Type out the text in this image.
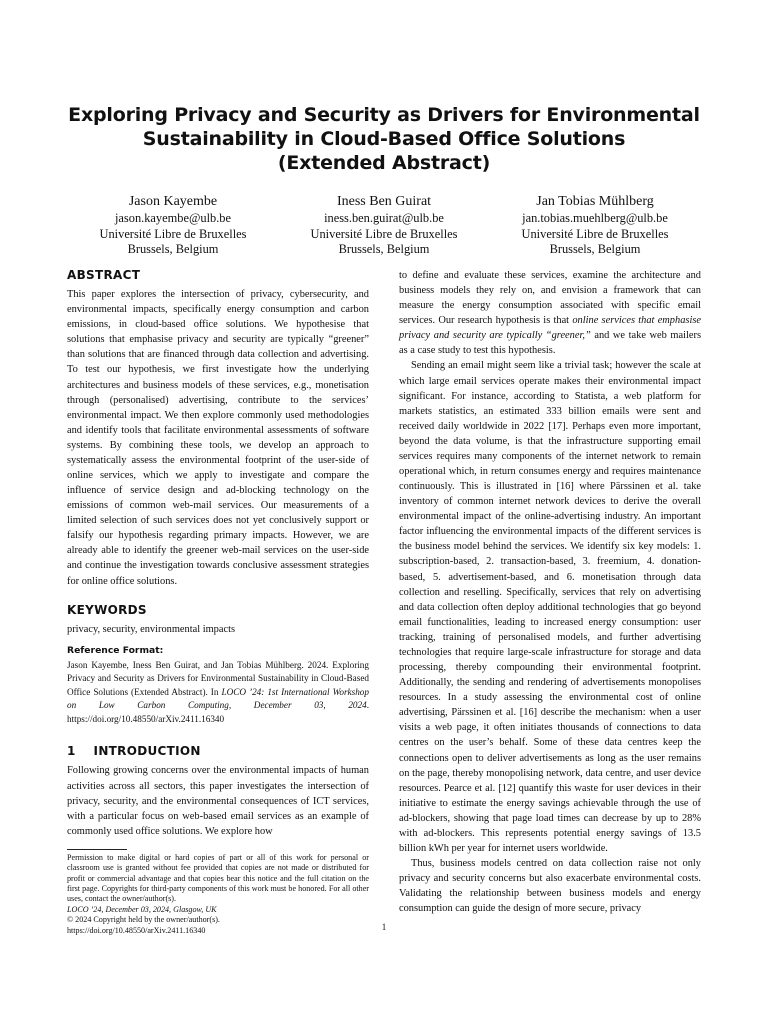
Exploring Privacy and Security as Drivers for Environmental
Sustainability in Cloud-Based Office Solutions
(Extended Abstract)
Jason Kayembe
jason.kayembe@ulb.be
Université Libre de Bruxelles
Brussels, Belgium
Iness Ben Guirat
iness.ben.guirat@ulb.be
Université Libre de Bruxelles
Brussels, Belgium
Jan Tobias Mühlberg
jan.tobias.muehlberg@ulb.be
Université Libre de Bruxelles
Brussels, Belgium
ABSTRACT

This paper explores the intersection of privacy, cybersecurity, and environmental impacts, specifically energy consumption and carbon emissions, in cloud-based office solutions. We hypothesise that solutions that emphasise privacy and security are typically “greener” than solutions that are financed through data collection and advertising. To test our hypothesis, we first investigate how the underlying architectures and business models of these services, e.g., monetisation through (personalised) advertising, contribute to the services’ environmental impact. We then explore commonly used methodologies and identify tools that facilitate environmental assessments of software systems. By combining these tools, we develop an approach to systematically assess the environmental footprint of the user-side of online services, which we apply to investigate and compare the influence of service design and ad-blocking technology on the emissions of common web-mail services. Our measurements of a limited selection of such services does not yet conclusively support or falsify our hypothesis regarding primary impacts. However, we are already able to identify the greener web-mail services on the user-side and continue the investigation towards conclusive assessment strategies for online office solutions.

KEYWORDS

privacy, security, environmental impacts

Reference Format:
Jason Kayembe, Iness Ben Guirat, and Jan Tobias Mühlberg. 2024. Exploring Privacy and Security as Drivers for Environmental Sustainability in Cloud-Based Office Solutions (Extended Abstract). In LOCO ’24: 1st International Workshop on Low Carbon Computing, December 03, 2024. https://doi.org/10.48550/arXiv.2411.16340
1    INTRODUCTION

Following growing concerns over the environmental impacts of human activities across all sectors, this paper investigates the intersection of privacy, security, and the environmental consequences of ICT services, with a particular focus on web-based email services as an example of commonly used office solutions. We explore how

Permission to make digital or hard copies of part or all of this work for personal or classroom use is granted without fee provided that copies are not made or distributed for profit or commercial advantage and that copies bear this notice and the full citation on the first page. Copyrights for third-party components of this work must be honored. For all other uses, contact the owner/author(s).
LOCO ’24, December 03, 2024, Glasgow, UK
© 2024 Copyright held by the owner/author(s).
https://doi.org/10.48550/arXiv.2411.16340

to define and evaluate these services, examine the architecture and business models they rely on, and envision a framework that can measure the energy consumption associated with specific email services. Our research hypothesis is that online services that emphasise privacy and security are typically “greener,” and we take web mailers as a case study to test this hypothesis.

Sending an email might seem like a trivial task; however the scale at which large email services operate makes their environmental impact significant. For instance, according to Statista, a web platform for markets statistics, an estimated 333 billion emails were sent and received daily worldwide in 2022 [17]. Perhaps even more important, beyond the data volume, is that the infrastructure supporting email services requires many components of the internet network to remain operational which, in return consumes energy and requires maintenance continuously. This is illustrated in [16] where Pärssinen et al. take inventory of common internet network devices to derive the overall environmental impact of the online-advertising industry. An important factor influencing the environmental impacts of the different services is the business model behind the services. We identify six key models: 1. subscription-based, 2. transaction-based, 3. freemium, 4. donation-based, 5. advertisement-based, and 6. monetisation through data collection and reselling. Specifically, services that rely on advertising and data collection often deploy additional technologies that go beyond email functionalities, leading to increased energy consumption: user tracking, training of personalised models, and further advertising technologies that require large-scale infrastructure for storage and data processing, thereby compounding their environmental footprint. Additionally, the sending and rendering of advertisements monopolises resources. In a study assessing the environmental cost of online advertising, Pärssinen et al. [16] describe the mechanism: when a user visits a web page, it often initiates thousands of connections to data centres on the user’s behalf. Some of these data centres keep the connections open to deliver advertisements as long as the user remains on the page, thereby monopolising network, data centre, and user device resources. Pearce et al. [12] quantify this waste for user devices in their initiative to estimate the energy savings achievable through the use of ad-blockers, showing that page load times can decrease by up to 28% with ad-blockers. This represents potential energy savings of 13.5 billion kWh per year for internet users worldwide.

Thus, business models centred on data collection raise not only privacy and security concerns but also exacerbate environmental costs. Validating the relationship between business models and energy consumption can guide the design of more secure, privacy

1
